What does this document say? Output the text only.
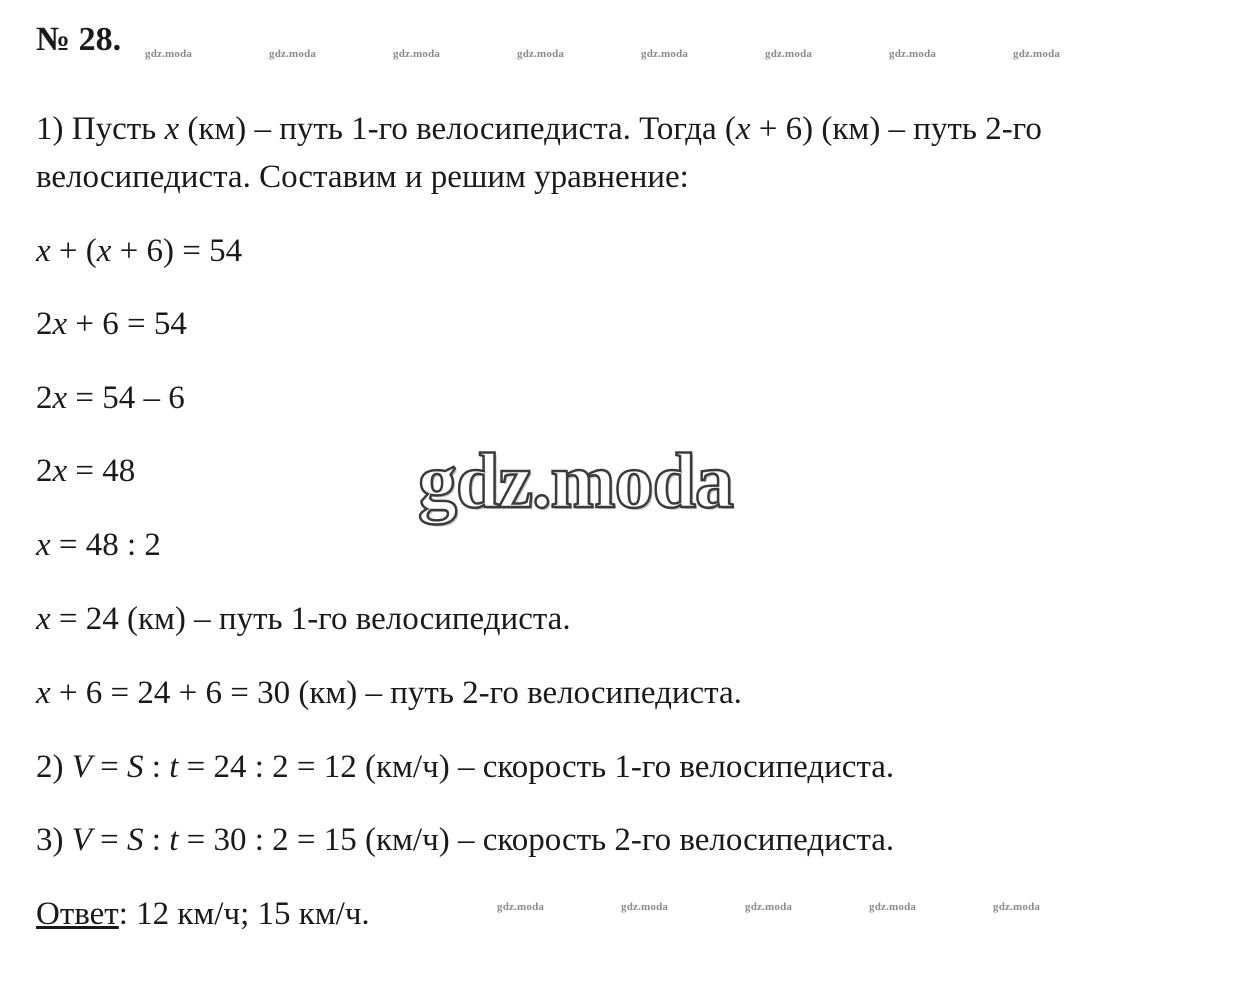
№ 28. gdz.moda	gdz.moda	gdz.moda	gdz.moda	gdz.moda	gdz.moda	gdz.moda	gdz.moda
1) Пусть x (км) – путь 1-го велосипедиста. Тогда (x + 6) (км) – путь 2-го
велосипедиста. Составим и решим уравнение:
x + (x + 6) = 54
2x + 6 = 54
2x = 54 – 6
2x = 48
x = 48 : 2
x = 24 (км) – путь 1-го велосипедиста.
x + 6 = 24 + 6 = 30 (км) – путь 2-го велосипедиста.
2) V = S : t = 24 : 2 = 12 (км/ч) – скорость 1-го велосипедиста.
3) V = S : t = 30 : 2 = 15 (км/ч) – скорость 2-го велосипедиста.
Ответ: 12 км/ч; 15 км/ч.	gdz.moda	gdz.moda	gdz.moda	gdz.moda	gdz.moda
gdz.moda
